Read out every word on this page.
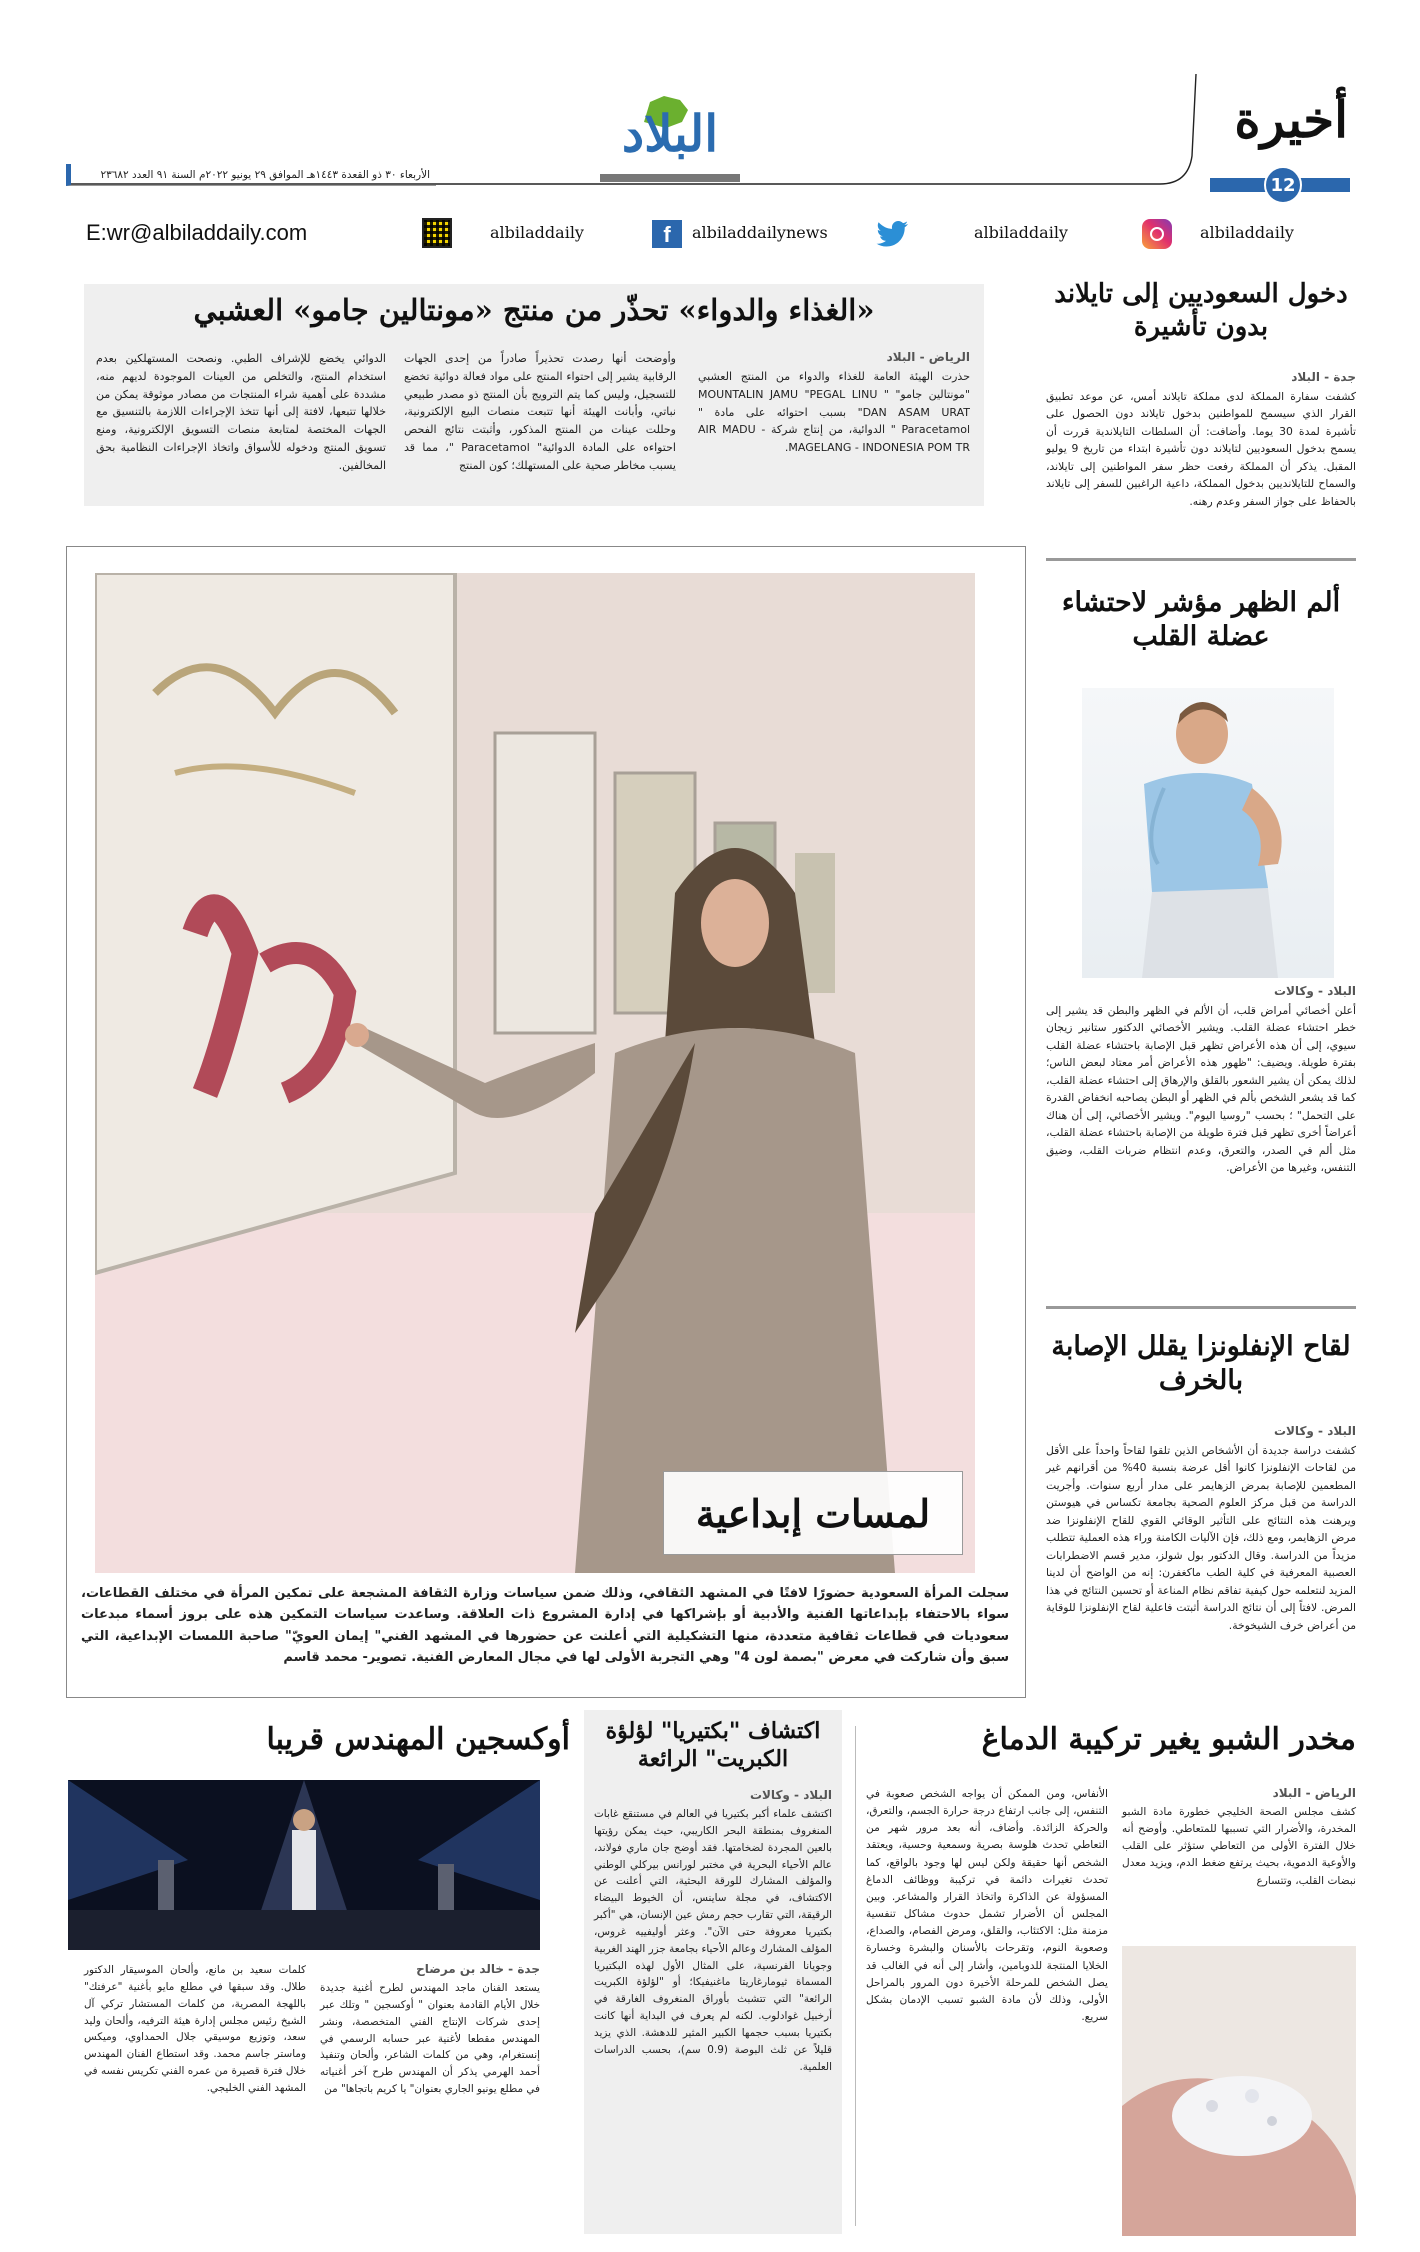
أخيرة
12
البلاد
الأربعاء ٣٠ ذو القعدة ١٤٤٣هـ الموافق ٢٩ يونيو ٢٠٢٢م السنة ٩١ العدد ٢٣٦٨٢
E:wr@albiladdaily.com	albiladdaily	f	albiladdailynews	albiladdaily	albiladdaily
«الغذاء والدواء» تحذّر من منتج «مونتالين جامو» العشبي
الرياض - البلاد
حذرت الهيئة العامة للغذاء والدواء من المنتج العشبي "مونتالين جامو" " MOUNTALIN JAMU "PEGAL LINU DAN ASAM URAT" بسبب احتوائه على مادة " Paracetamol " الدوائية، من إنتاج شركة - AIR MADU MAGELANG - INDONESIA POM TR.
وأوضحت أنها رصدت تحذيراً صادراً من إحدى الجهات الرقابية يشير إلى احتواء المنتج على مواد فعالة دوائية تخضع للتسجيل، وليس كما يتم الترويج بأن المنتج ذو مصدر طبيعي نباتي، وأبانت الهيئة أنها تتبعت منصات البيع الإلكترونية، وحللت عينات من المنتج المذكور، وأثبتت نتائج الفحص احتواءه على المادة الدوائية" Paracetamol "، مما قد يسبب مخاطر صحية على المستهلك؛ كون المنتج
الدوائي يخضع للإشراف الطبي. ونصحت المستهلكين بعدم استخدام المنتج، والتخلص من العينات الموجودة لديهم منه، مشددة على أهمية شراء المنتجات من مصادر موثوقة يمكن من خلالها تتبعها، لافتة إلى أنها تتخذ الإجراءات اللازمة بالتنسيق مع الجهات المختصة لمتابعة منصات التسويق الإلكترونية، ومنع تسويق المنتج ودخوله للأسواق واتخاذ الإجراءات النظامية بحق المخالفين.
دخول السعوديين إلى تايلاند بدون تأشيرة
جدة - البلاد
كشفت سفارة المملكة لدى مملكة تايلاند أمس، عن موعد تطبيق القرار الذي سيسمح للمواطنين بدخول تايلاند دون الحصول على تأشيرة لمدة 30 يوما. وأضافت: أن السلطات التايلاندية قررت أن يسمح بدخول السعوديين لتايلاند دون تأشيرة ابتداء من تاريخ 9 يوليو المقبل. يذكر أن المملكة رفعت حظر سفر المواطنين إلى تايلاند، والسماح للتايلانديين بدخول المملكة، داعية الراغبين للسفر إلى تايلاند بالحفاظ على جواز السفر وعدم رهنه.
ألم الظهر مؤشر لاحتشاء عضلة القلب
البلاد - وكالات
أعلن أخصائي أمراض قلب، أن الألم في الظهر والبطن قد يشير إلى خطر احتشاء عضلة القلب. ويشير الأخصائي الدكتور ستانير زيجان سيوي، إلى أن هذه الأعراض تظهر قبل الإصابة باحتشاء عضلة القلب بفترة طويلة. ويضيف: "ظهور هذه الأعراض أمر معتاد لبعض الناس؛ لذلك يمكن أن يشير الشعور بالقلق والإرهاق إلى احتشاء عضلة القلب، كما قد يشعر الشخص بألم في الظهر أو البطن يصاحبه انخفاض القدرة على التحمل" ؛ بحسب "روسيا اليوم". ويشير الأخصائي، إلى أن هناك أعراضاً أخرى تظهر قبل فترة طويلة من الإصابة باحتشاء عضلة القلب، مثل ألم في الصدر، والتعرق، وعدم انتظام ضربات القلب، وضيق التنفس، وغيرها من الأعراض.
لقاح الإنفلونزا يقلل الإصابة بالخرف
البلاد - وكالات
كشفت دراسة جديدة أن الأشخاص الذين تلقوا لقاحاً واحداً على الأقل من لقاحات الإنفلونزا كانوا أقل عرضة بنسبة 40% من أقرانهم غير المطعمين للإصابة بمرض الزهايمر على مدار أربع سنوات. وأجريت الدراسة من قبل مركز العلوم الصحية بجامعة تكساس في هيوستن ويرهنت هذه النتائج على التأثير الوقائي القوي للقاح الإنفلونزا ضد مرض الزهايمر، ومع ذلك، فإن الآليات الكامنة وراء هذه العملية تتطلب مزيداً من الدراسة. وقال الدكتور بول شولز، مدير قسم الاضطرابات العصبية المعرفية في كلية الطب ماكغفرن: إنه من الواضح أن لدينا المزيد لنتعلمه حول كيفية تفاقم نظام المناعة أو تحسين النتائج في هذا المرض. لافتاً إلى أن نتائج الدراسة أثبتت فاعلية لقاح الإنفلونزا للوقاية من أعراض خرف الشيخوخة.
لمسات إبداعية
سجلت المرأة السعودية حضورًا لافتًا في المشهد الثقافي، وذلك ضمن سياسات وزارة الثقافة المشجعة على تمكين المرأة في مختلف القطاعات، سواء بالاحتفاء بإبداعاتها الفنية والأدبية أو بإشراكها في إدارة المشروع ذات العلاقة. وساعدت سياسات التمكين هذه على بروز أسماء مبدعات سعوديات في قطاعات ثقافية متعددة، منها التشكيلية التي أعلنت عن حضورها في المشهد الفني" إيمان العويّ" صاحبة اللمسات الإبداعية، التي سبق وأن شاركت في معرض "بصمة لون 4" وهي التجربة الأولى لها في مجال المعارض الفنية. تصوير- محمد قاسم
مخدر الشبو يغير تركيبة الدماغ
الرياض - البلاد
كشف مجلس الصحة الخليجي خطورة مادة الشبو المخدرة، والأضرار التي تسببها للمتعاطي. وأوضح أنه خلال الفترة الأولى من التعاطي ستؤثر على القلب والأوعية الدموية، بحيث يرتفع ضغط الدم، ويزيد معدل نبضات القلب، وتتسارع
الأنفاس، ومن الممكن أن يواجه الشخص صعوبة في التنفس، إلى جانب ارتفاع درجة حرارة الجسم، والتعرق، والحركة الزائدة. وأضاف، أنه بعد مرور شهر من التعاطي تحدث هلوسة بصرية وسمعية وحسية، ويعتقد الشخص أنها حقيقة ولكن ليس لها وجود بالواقع، كما تحدث تغيرات دائمة في تركيبة ووظائف الدماغ المسؤولة عن الذاكرة واتخاذ القرار والمشاعر. وبين المجلس أن الأضرار تشمل حدوث مشاكل تنفسية مزمنة مثل: الاكتئاب، والقلق، ومرض الفصام، والصداع، وصعوبة النوم، وتقرحات بالأسنان والبشرة وخسارة الخلايا المنتجة للدوبامين، وأشار إلى أنه في الغالب قد يصل الشخص للمرحلة الأخيرة دون المرور بالمراحل الأولى، وذلك لأن مادة الشبو تسبب الإدمان بشكل سريع.
اكتشاف "بكتيريا" لؤلؤة الكبريت" الرائعة
البلاد - وكالات
اكتشف علماء أكبر بكتيريا في العالم في مستنقع غابات المنغروف بمنطقة البحر الكاريبي، حيث يمكن رؤيتها بالعين المجردة لضخامتها. فقد أوضح جان ماري فولاند، عالم الأحياء البحرية في مختبر لورانس بيركلي الوطني والمؤلف المشارك للورقة البحثية، التي أعلنت عن الاكتشاف، في مجلة ساينس، أن الخيوط البيضاء الرقيقة، التي تقارب حجم رمش عين الإنسان، هي "أكبر بكتيريا معروفة حتى الآن". وعثر أوليفييه غروس، المؤلف المشارك وعالم الأحياء بجامعة جزر الهند الغربية وجويانا الفرنسية، على المثال الأول لهذه البكتيريا المسماة ثيومارغاريتا ماغنيفيكا؛ أو "لؤلؤة الكبريت الرائعة" التي تتشبث بأوراق المنغروف الغارقة في أرخبيل غوادلوب. لكنه لم يعرف في البداية أنها كانت بكتيريا بسبب حجمها الكبير المثير للدهشة. الذي يزيد قليلاً عن ثلث البوصة (0.9 سم)، بحسب الدراسات العلمية.
أوكسجين المهندس قريبا
جدة - خالد بن مرضاح
يستعد الفنان ماجد المهندس لطرح أغنية جديدة خلال الأيام القادمة بعنوان " أوكسجين " وتلك عبر إحدى شركات الإنتاج الفني المتخصصة، ونشر المهندس مقطعا لأغنية عبر حسابه الرسمي في إنستغرام، وهي من كلمات الشاعر، وألحان وتنفيذ أحمد الهرمي يذكر أن المهندس طرح آخر أغنياته في مطلع يونيو الجاري بعنوان" يا كريم باتجاها" من
كلمات سعيد بن مانع، وألحان الموسيقار الدكتور طلال. وقد سبقها في مطلع مايو بأغنية "عرفتك" باللهجة المصرية، من كلمات المستشار تركي آل الشيخ رئيس مجلس إدارة هيئة الترفيه، وألحان وليد سعد، وتوزيع موسيقي جلال الحمداوي، وميكس وماستر جاسم محمد. وقد استطاع الفنان المهندس خلال فترة قصيرة من عمره الفني تكريس نفسه في المشهد الفني الخليجي.
